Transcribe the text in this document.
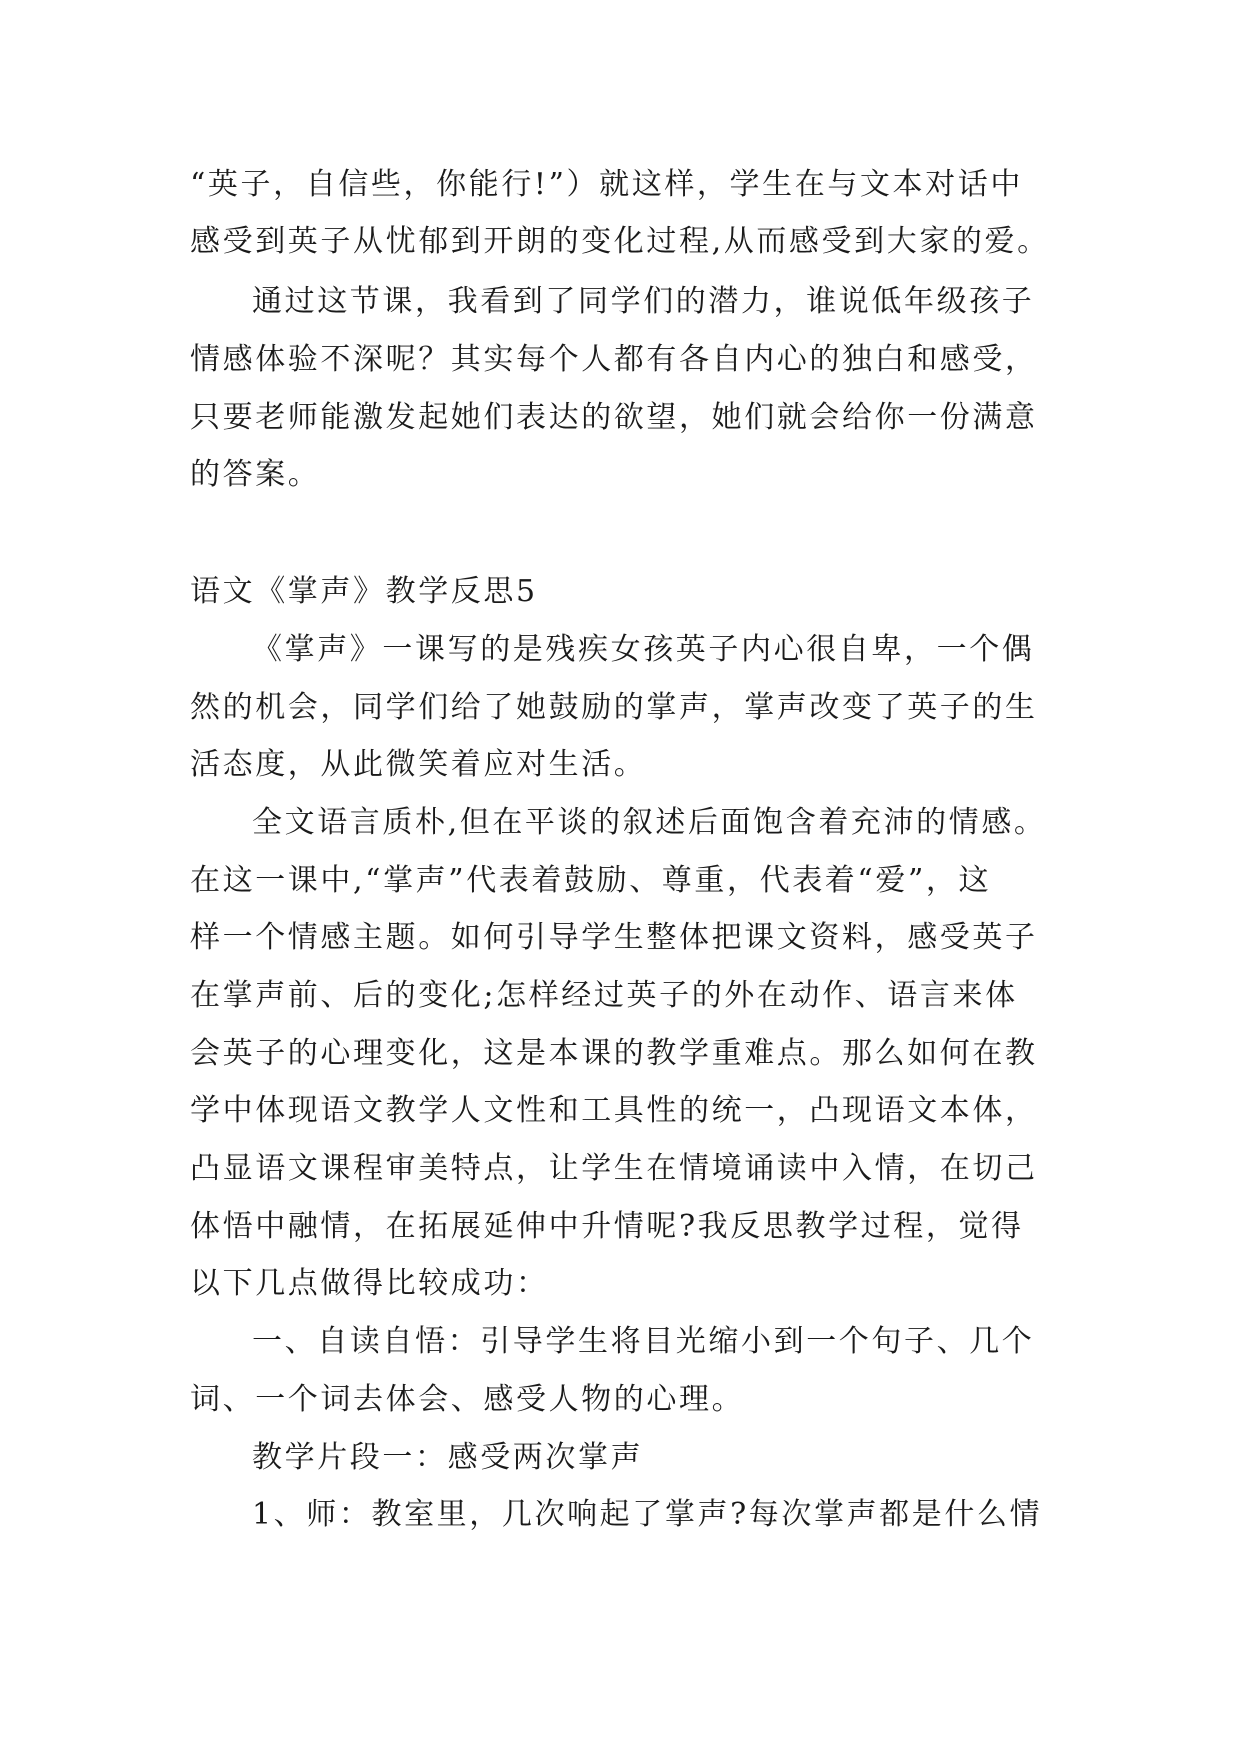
“英子，自信些，你能行!”）就这样，学生在与文本对话中
感受到英子从忧郁到开朗的变化过程,从而感受到大家的爱。
通过这节课，我看到了同学们的潜力，谁说低年级孩子
情感体验不深呢？其实每个人都有各自内心的独白和感受，
只要老师能激发起她们表达的欲望，她们就会给你一份满意
的答案。
语文《掌声》教学反思5
《掌声》一课写的是残疾女孩英子内心很自卑，一个偶
然的机会，同学们给了她鼓励的掌声，掌声改变了英子的生
活态度，从此微笑着应对生活。
全文语言质朴,但在平谈的叙述后面饱含着充沛的情感。
在这一课中,“掌声”代表着鼓励、尊重，代表着“爱”，这
样一个情感主题。如何引导学生整体把课文资料，感受英子
在掌声前、后的变化;怎样经过英子的外在动作、语言来体
会英子的心理变化，这是本课的教学重难点。那么如何在教
学中体现语文教学人文性和工具性的统一，凸现语文本体，
凸显语文课程审美特点，让学生在情境诵读中入情，在切己
体悟中融情，在拓展延伸中升情呢?我反思教学过程，觉得
以下几点做得比较成功：
一、自读自悟：引导学生将目光缩小到一个句子、几个
词、一个词去体会、感受人物的心理。
教学片段一：感受两次掌声
1、师：教室里，几次响起了掌声?每次掌声都是什么情
